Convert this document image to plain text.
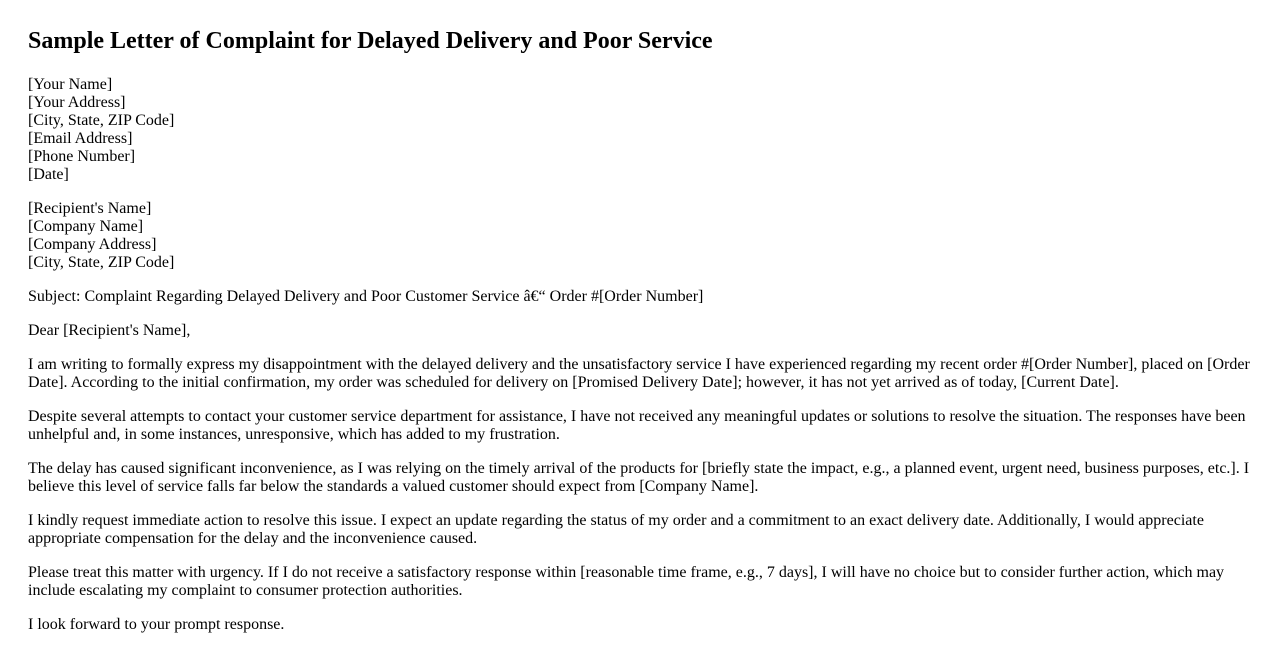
Sample Letter of Complaint for Delayed Delivery and Poor Service
[Your Name]
[Your Address]
[City, State, ZIP Code]
[Email Address]
[Phone Number]
[Date]
[Recipient's Name]
[Company Name]
[Company Address]
[City, State, ZIP Code]

Subject: Complaint Regarding Delayed Delivery and Poor Customer Service â€“ Order #[Order Number]

Dear [Recipient's Name],

I am writing to formally express my disappointment with the delayed delivery and the unsatisfactory service I have experienced regarding my recent order #[Order Number], placed on [Order Date]. According to the initial confirmation, my order was scheduled for delivery on [Promised Delivery Date]; however, it has not yet arrived as of today, [Current Date].

Despite several attempts to contact your customer service department for assistance, I have not received any meaningful updates or solutions to resolve the situation. The responses have been unhelpful and, in some instances, unresponsive, which has added to my frustration.

The delay has caused significant inconvenience, as I was relying on the timely arrival of the products for [briefly state the impact, e.g., a planned event, urgent need, business purposes, etc.]. I believe this level of service falls far below the standards a valued customer should expect from [Company Name].

I kindly request immediate action to resolve this issue. I expect an update regarding the status of my order and a commitment to an exact delivery date. Additionally, I would appreciate appropriate compensation for the delay and the inconvenience caused.

Please treat this matter with urgency. If I do not receive a satisfactory response within [reasonable time frame, e.g., 7 days], I will have no choice but to consider further action, which may include escalating my complaint to consumer protection authorities.

I look forward to your prompt response.
